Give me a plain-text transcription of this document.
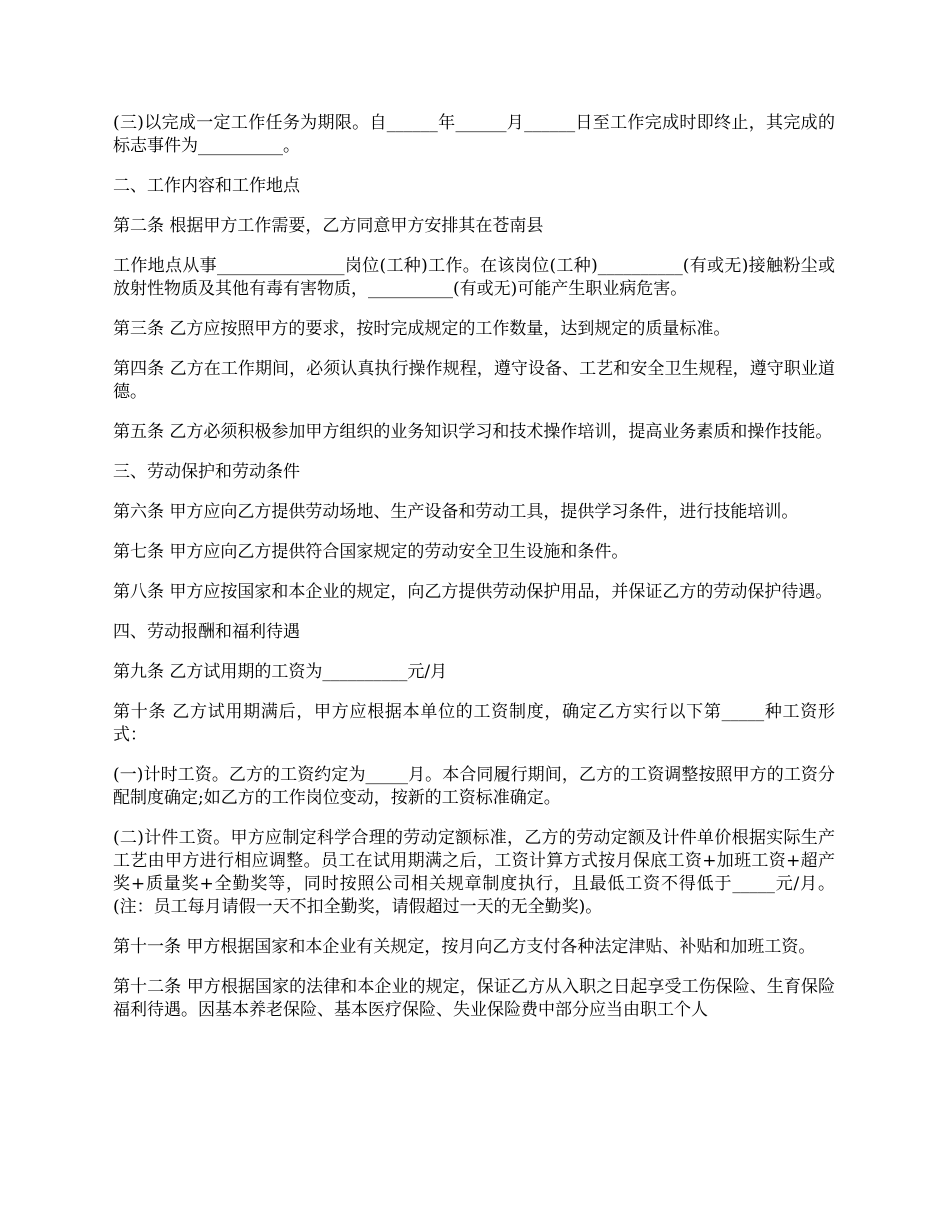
(三)以完成一定工作任务为期限。自______年______月______日至工作完成时即终止，其完成的标志事件为__________。

二、工作内容和工作地点

第二条 根据甲方工作需要，乙方同意甲方安排其在苍南县

工作地点从事_______________岗位(工种)工作。在该岗位(工种)__________(有或无)接触粉尘或放射性物质及其他有毒有害物质，__________(有或无)可能产生职业病危害。

第三条 乙方应按照甲方的要求，按时完成规定的工作数量，达到规定的质量标准。

第四条 乙方在工作期间，必须认真执行操作规程，遵守设备、工艺和安全卫生规程，遵守职业道德。

第五条 乙方必须积极参加甲方组织的业务知识学习和技术操作培训，提高业务素质和操作技能。

三、劳动保护和劳动条件

第六条 甲方应向乙方提供劳动场地、生产设备和劳动工具，提供学习条件，进行技能培训。

第七条 甲方应向乙方提供符合国家规定的劳动安全卫生设施和条件。

第八条 甲方应按国家和本企业的规定，向乙方提供劳动保护用品，并保证乙方的劳动保护待遇。

四、劳动报酬和福利待遇

第九条 乙方试用期的工资为__________元/月

第十条 乙方试用期满后，甲方应根据本单位的工资制度，确定乙方实行以下第_____种工资形式：

(一)计时工资。乙方的工资约定为_____月。本合同履行期间，乙方的工资调整按照甲方的工资分配制度确定;如乙方的工作岗位变动，按新的工资标准确定。

(二)计件工资。甲方应制定科学合理的劳动定额标准，乙方的劳动定额及计件单价根据实际生产工艺由甲方进行相应调整。员工在试用期满之后，工资计算方式按月保底工资+加班工资+超产奖+质量奖+全勤奖等，同时按照公司相关规章制度执行，且最低工资不得低于_____元/月。(注：员工每月请假一天不扣全勤奖，请假超过一天的无全勤奖)。

第十一条 甲方根据国家和本企业有关规定，按月向乙方支付各种法定津贴、补贴和加班工资。

第十二条 甲方根据国家的法律和本企业的规定，保证乙方从入职之日起享受工伤保险、生育保险福利待遇。因基本养老保险、基本医疗保险、失业保险费中部分应当由职工个人
